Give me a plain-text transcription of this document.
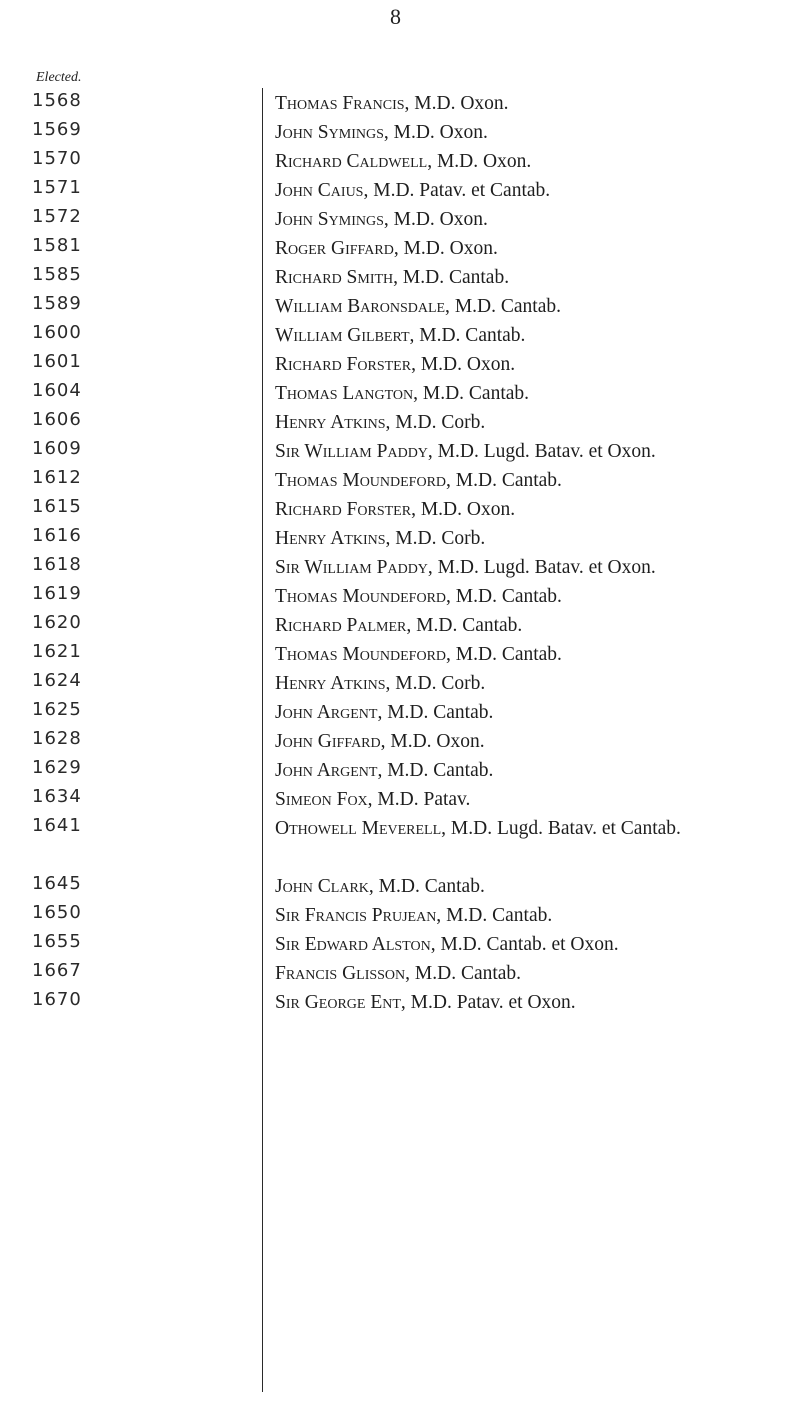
8
Elected.
1568	Thomas Francis, M.D. Oxon.
1569	John Symings, M.D. Oxon.
1570	Richard Caldwell, M.D. Oxon.
1571	John Caius, M.D. Patav. et Cantab.
1572	John Symings, M.D. Oxon.
1581	Roger Giffard, M.D. Oxon.
1585	Richard Smith, M.D. Cantab.
1589	William Baronsdale, M.D. Cantab.
1600	William Gilbert, M.D. Cantab.
1601	Richard Forster, M.D. Oxon.
1604	Thomas Langton, M.D. Cantab.
1606	Henry Atkins, M.D. Corb.
1609	Sir William Paddy, M.D. Lugd. Batav. et Oxon.
1612	Thomas Moundeford, M.D. Cantab.
1615	Richard Forster, M.D. Oxon.
1616	Henry Atkins, M.D. Corb.
1618	Sir William Paddy, M.D. Lugd. Batav. et Oxon.
1619	Thomas Moundeford, M.D. Cantab.
1620	Richard Palmer, M.D. Cantab.
1621	Thomas Moundeford, M.D. Cantab.
1624	Henry Atkins, M.D. Corb.
1625	John Argent, M.D. Cantab.
1628	John Giffard, M.D. Oxon.
1629	John Argent, M.D. Cantab.
1634	Simeon Fox, M.D. Patav.
1641	Othowell Meverell, M.D. Lugd. Batav. et Cantab.
1645	John Clark, M.D. Cantab.
1650	Sir Francis Prujean, M.D. Cantab.
1655	Sir Edward Alston, M.D. Cantab. et Oxon.
1667	Francis Glisson, M.D. Cantab.
1670	Sir George Ent, M.D. Patav. et Oxon.
